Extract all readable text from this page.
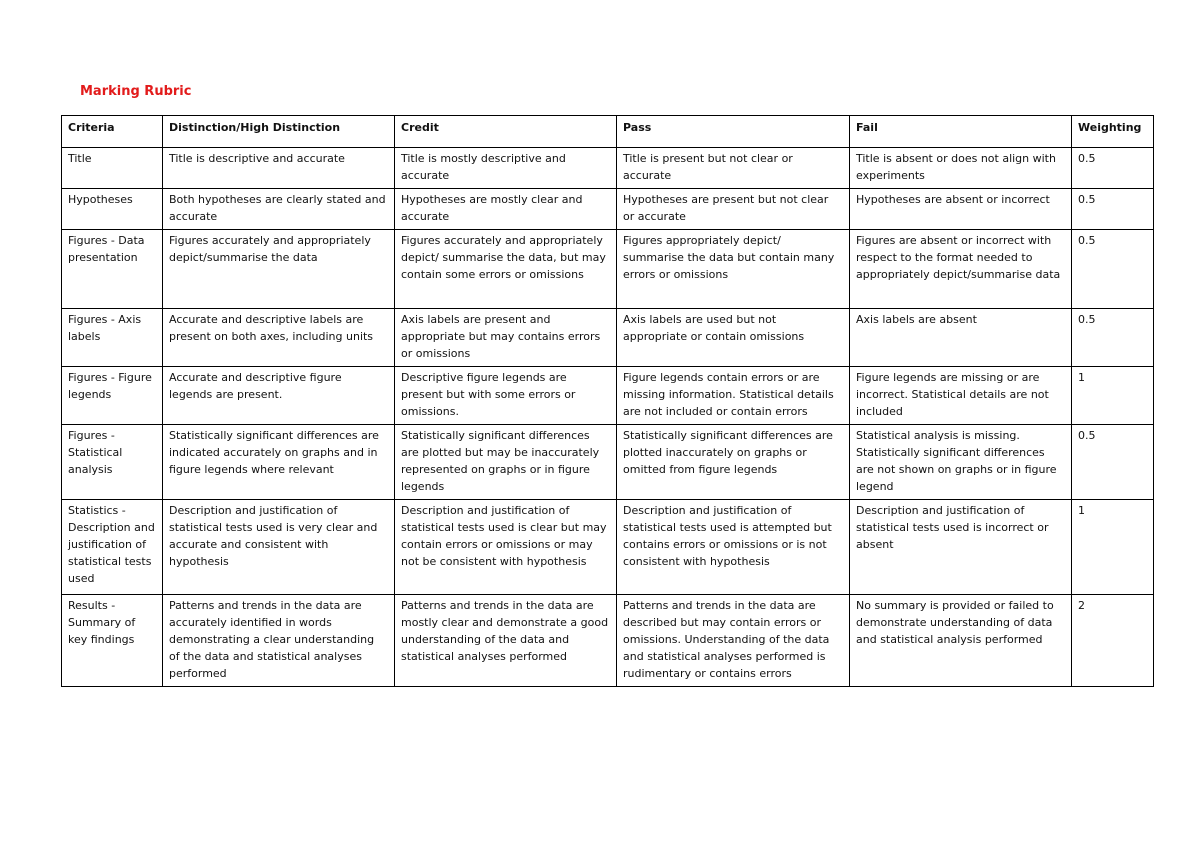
Marking Rubric
Criteria	Distinction/High Distinction	Credit	Pass	Fail	Weighting
Title	Title is descriptive and accurate	Title is mostly descriptive and accurate	Title is present but not clear or accurate	Title is absent or does not align with experiments	0.5
Hypotheses	Both hypotheses are clearly stated and accurate	Hypotheses are mostly clear and accurate	Hypotheses are present but not clear or accurate	Hypotheses are absent or incorrect	0.5
Figures - Data presentation	Figures accurately and appropriately depict/summarise the data	Figures accurately and appropriately depict/ summarise the data, but may contain some errors or omissions	Figures appropriately depict/ summarise the data but contain many errors or omissions	Figures are absent or incorrect with respect to the format needed to appropriately depict/summarise data	0.5
Figures - Axis labels	Accurate and descriptive labels are present on both axes, including units	Axis labels are present and appropriate but may contains errors or omissions	Axis labels are used but not appropriate or contain omissions	Axis labels are absent	0.5
Figures - Figure legends	Accurate and descriptive figure legends are present.	Descriptive figure legends are present but with some errors or omissions.	Figure legends contain errors or are missing information. Statistical details are not included or contain errors	Figure legends are missing or are incorrect. Statistical details are not included	1
Figures - Statistical analysis	Statistically significant differences are indicated accurately on graphs and in figure legends where relevant	Statistically significant differences are plotted but may be inaccurately represented on graphs or in figure legends	Statistically significant differences are plotted inaccurately on graphs or omitted from figure legends	Statistical analysis is missing. Statistically significant differences are not shown on graphs or in figure legend	0.5
Statistics - Description and justification of statistical tests used	Description and justification of statistical tests used is very clear and accurate and consistent with hypothesis	Description and justification of statistical tests used is clear but may contain errors or omissions or may not be consistent with hypothesis	Description and justification of statistical tests used is attempted but contains errors or omissions or is not consistent with hypothesis	Description and justification of statistical tests used is incorrect or absent	1
Results - Summary of key findings	Patterns and trends in the data are accurately identified in words demonstrating a clear understanding of the data and statistical analyses performed	Patterns and trends in the data are mostly clear and demonstrate a good understanding of the data and statistical analyses performed	Patterns and trends in the data are described but may contain errors or omissions. Understanding of the data and statistical analyses performed is rudimentary or contains errors	No summary is provided or failed to demonstrate understanding of data and statistical analysis performed	2
